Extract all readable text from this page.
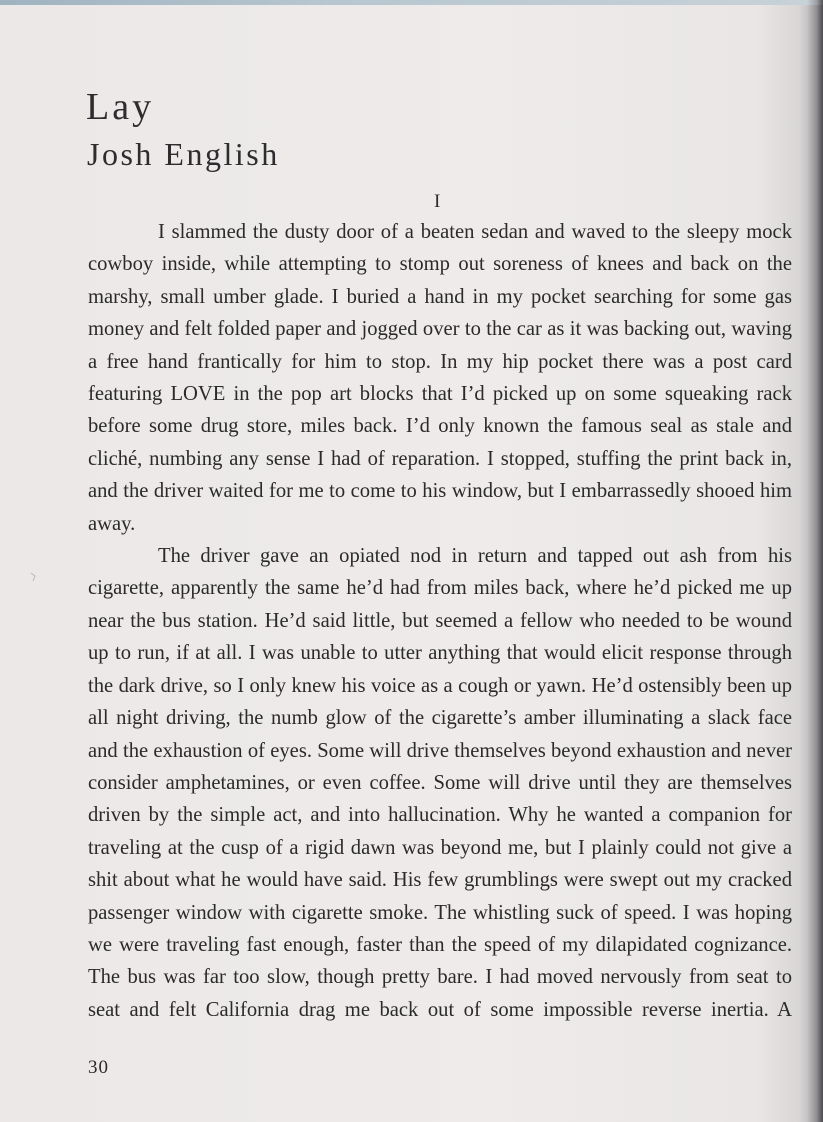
Lay
Josh English
I

I slammed the dusty door of a beaten sedan and waved to the sleepy mock cowboy inside, while attempting to stomp out soreness of knees and back on the marshy, small umber glade. I buried a hand in my pocket searching for some gas money and felt folded paper and jogged over to the car as it was backing out, waving a free hand frantically for him to stop. In my hip pocket there was a post card featuring LOVE in the pop art blocks that I’d picked up on some squeaking rack before some drug store, miles back. I’d only known the famous seal as stale and cliché, numbing any sense I had of reparation. I stopped, stuffing the print back in, and the driver waited for me to come to his window, but I embarrassedly shooed him away.

The driver gave an opiated nod in return and tapped out ash from his cigarette, apparently the same he’d had from miles back, where he’d picked me up near the bus station. He’d said little, but seemed a fellow who needed to be wound up to run, if at all. I was unable to utter anything that would elicit response through the dark drive, so I only knew his voice as a cough or yawn. He’d ostensibly been up all night driving, the numb glow of the cigarette’s amber illuminating a slack face and the exhaustion of eyes. Some will drive themselves beyond exhaustion and never consider amphetamines, or even coffee. Some will drive until they are themselves driven by the simple act, and into hallucination. Why he wanted a companion for traveling at the cusp of a rigid dawn was beyond me, but I plainly could not give a shit about what he would have said. His few grumblings were swept out my cracked passenger window with cigarette smoke. The whistling suck of speed. I was hoping we were traveling fast enough, faster than the speed of my dilapidated cognizance. The bus was far too slow, though pretty bare. I had moved nervously from seat to seat and felt California drag me back out of some impossible reverse inertia. A

30
